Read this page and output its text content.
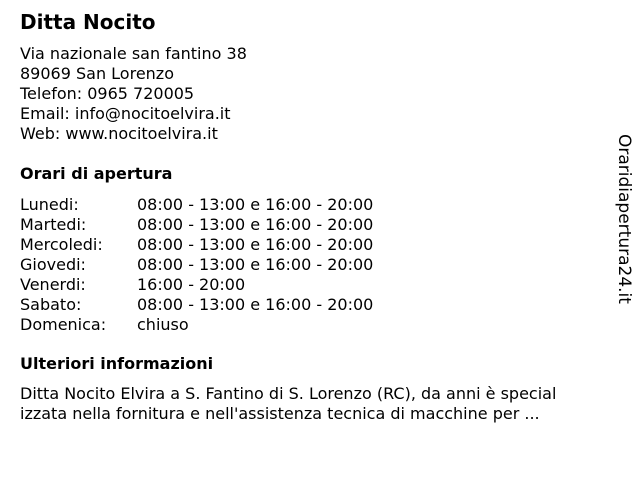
Ditta Nocito
Via nazionale san fantino 38
89069 San Lorenzo
Telefon: 0965 720005
Email: info@nocitoelvira.it
Web: www.nocitoelvira.it
Orari di apertura
Lunedi:	08:00 - 13:00 e 16:00 - 20:00
Martedi:	08:00 - 13:00 e 16:00 - 20:00
Mercoledi: 08:00 - 13:00 e 16:00 - 20:00
Giovedi:	08:00 - 13:00 e 16:00 - 20:00
Venerdi:	16:00 - 20:00
Sabato:	08:00 - 13:00 e 16:00 - 20:00
Domenica: chiuso
Ulteriori informazioni
Ditta Nocito Elvira a S. Fantino di S. Lorenzo (RC), da anni è special
izzata nella fornitura e nell'assistenza tecnica di macchine per ...
Oraridiapertura24.it
